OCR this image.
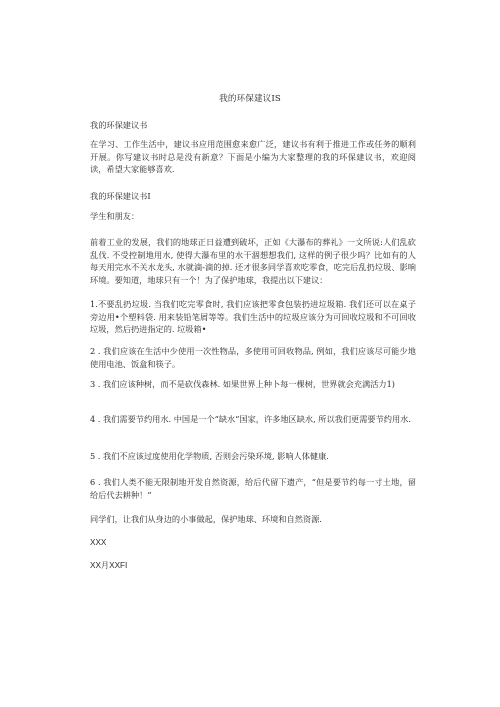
我的环保建议IS

我的环保建议书

在学习、工作生活中，建议书应用范围愈来愈广泛，建议书有利于推进工作或任务的顺利开展。你写建议书时总是没有新意？下面是小编为大家整理的我的环保建议书，欢迎阅读，希望大家能够喜欢.

我的环保建议书I

学生和朋友：

前着工业的发展，我们的地球正日益遭到破坏，正如《大瀑布的葬礼》一文所说:人们乱砍乱伐. 不受控制地用水, 使得大瀑布里的水干涸想想我们, 这样的例子很少吗？比如有的人每天用完水不关水龙头, 水就滴-滴的掉. 还才很多同学喜欢吃零食，吃完后乱扔垃圾、影响环境。要知道，地球只有一个！为了保护地球，我提出以下建议：

1.不要乱扔垃圾. 当我们吃完零食时, 我们应该把零食包装扔进垃圾箱. 我们还可以在桌子旁边用•个塑料袋. 用来装铅笔屑等等。我们生活中的垃圾应该分为可回收垃圾和不可回收垃圾，然后扔进指定的. 垃圾箱•

2 . 我们应该在生活中少使用一次性物品，多使用可回收物品, 例如，我们应该尽可能少地使用电池、饭盒和筷子。

3 . 我们应该种树，而不是砍伐森林. 如果世界上种卜每一棵树，世界就会充满活力1)

4 . 我们需要节约用水. 中国是一个“缺水”国家，许多地区缺水, 所以我们更需要节约用水.

5 . 我们不应该过度使用化学物质, 否则会污染环境, 影响人体健康.

6 . 我们人类不能无限制地开发自然资源，给后代留下遗产，“但是要节约每一寸土地，留给后代去耕种！”

同学们，让我们从身边的小事做起，保护地球、环境和自然资源.

XXX
XX月XXFI
